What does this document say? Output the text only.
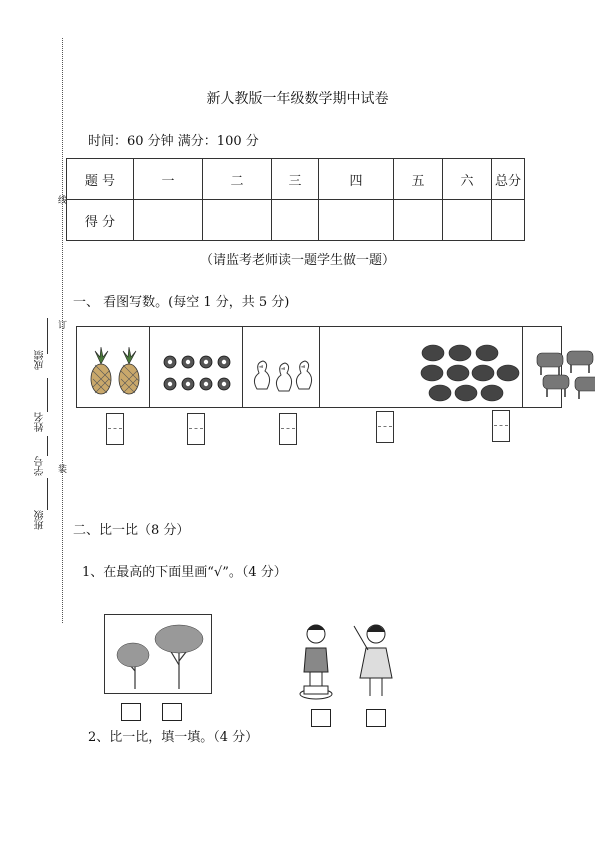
线
订
装
成绩
姓名
学号
班级
新人教版一年级数学期中试卷
时间：60 分钟 满分：100 分
题 号	一	二	三	四	五	六	总分
得 分							
（请监考老师读一题学生做一题）
一、 看图写数。(每空 1 分，共 5 分)
二、比一比（8 分）
1、在最高的下面里画“√”。（4 分）
2、比一比，填一填。（4 分）
